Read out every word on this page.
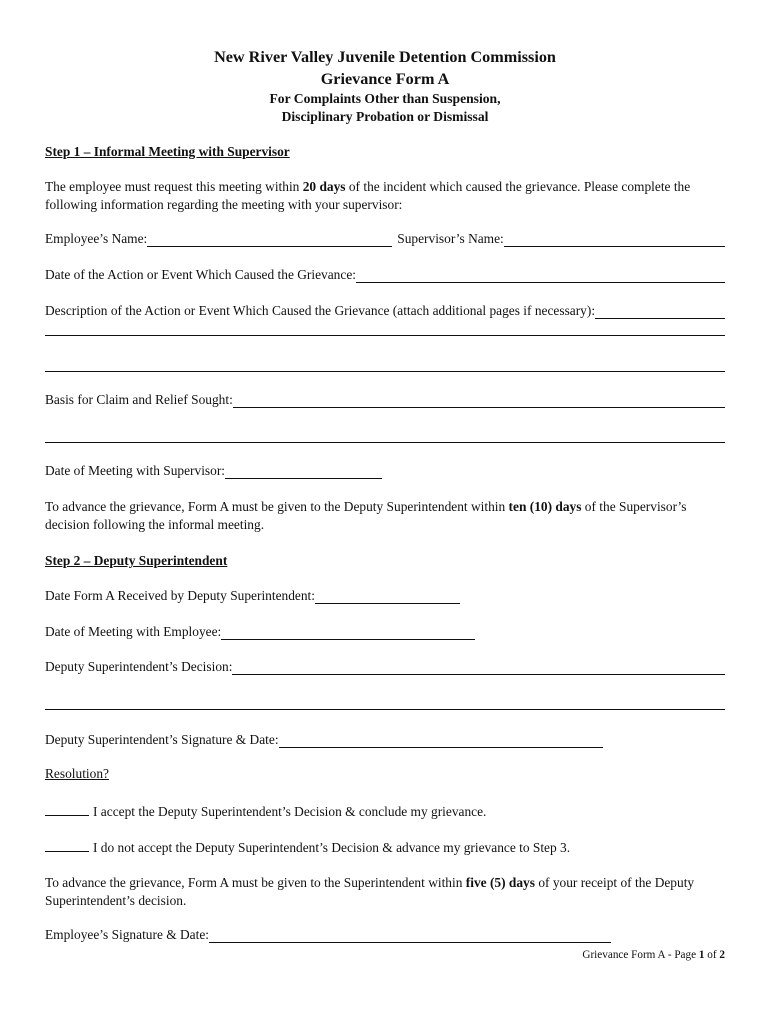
New River Valley Juvenile Detention Commission
Grievance Form A
For Complaints Other than Suspension,
Disciplinary Probation or Dismissal
Step 1 – Informal Meeting with Supervisor
The employee must request this meeting within 20 days of the incident which caused the grievance. Please complete the following information regarding the meeting with your supervisor:
Employee’s Name:	Supervisor’s Name:
Date of the Action or Event Which Caused the Grievance:
Description of the Action or Event Which Caused the Grievance (attach additional pages if necessary):
Basis for Claim and Relief Sought:
Date of Meeting with Supervisor:
To advance the grievance, Form A must be given to the Deputy Superintendent within ten (10) days of the Supervisor’s decision following the informal meeting.
Step 2 – Deputy Superintendent
Date Form A Received by Deputy Superintendent:
Date of Meeting with Employee:
Deputy Superintendent’s Decision:
Deputy Superintendent’s Signature & Date:
Resolution?
I accept the Deputy Superintendent’s Decision & conclude my grievance.
I do not accept the Deputy Superintendent’s Decision & advance my grievance to Step 3.
To advance the grievance, Form A must be given to the Superintendent within five (5) days of your receipt of the Deputy Superintendent’s decision.
Employee’s Signature & Date:
Grievance Form A - Page 1 of 2
